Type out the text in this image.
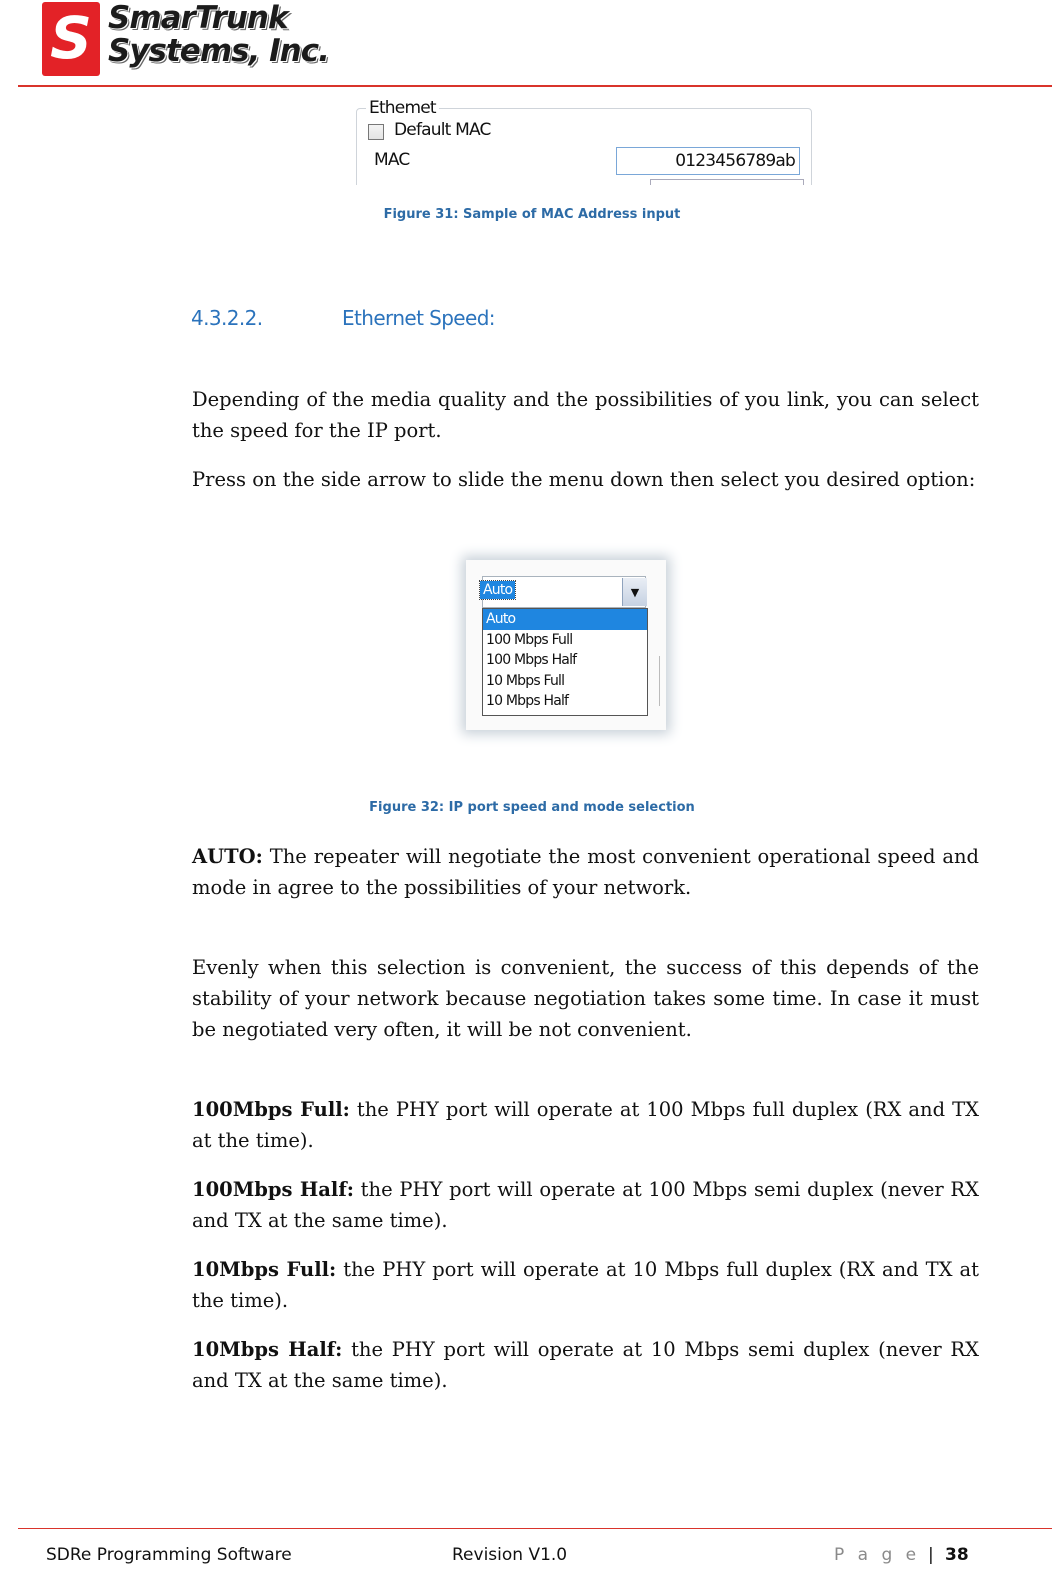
S SmarTrunk
Systems, Inc.
Ethemet
Default MAC
MAC	0123456789ab
Figure 31: Sample of MAC Address input
4.3.2.2.	Ethernet Speed:

Depending of the media quality and the possibilities of you link, you can select the speed for the IP port.

Press on the side arrow to slide the menu down then select you desired option:

Auto	▼
Auto
100 Mbps Full
100 Mbps Half
10 Mbps Full
10 Mbps Half
Figure 32: IP port speed and mode selection

AUTO: The repeater will negotiate the most convenient operational speed and mode in agree to the possibilities of your network.

Evenly when this selection is convenient, the success of this depends of the stability of your network because negotiation takes some time. In case it must be negotiated very often, it will be not convenient.

100Mbps Full: the PHY port will operate at 100 Mbps full duplex (RX and TX at the time).

100Mbps Half: the PHY port will operate at 100 Mbps semi duplex (never RX and TX at the same time).

10Mbps Full: the PHY port will operate at 10 Mbps full duplex (RX and TX at the time).

10Mbps Half: the PHY port will operate at 10 Mbps semi duplex (never RX and TX at the same time).

SDRe Programming Software	Revision V1.0	P a g e | 38
